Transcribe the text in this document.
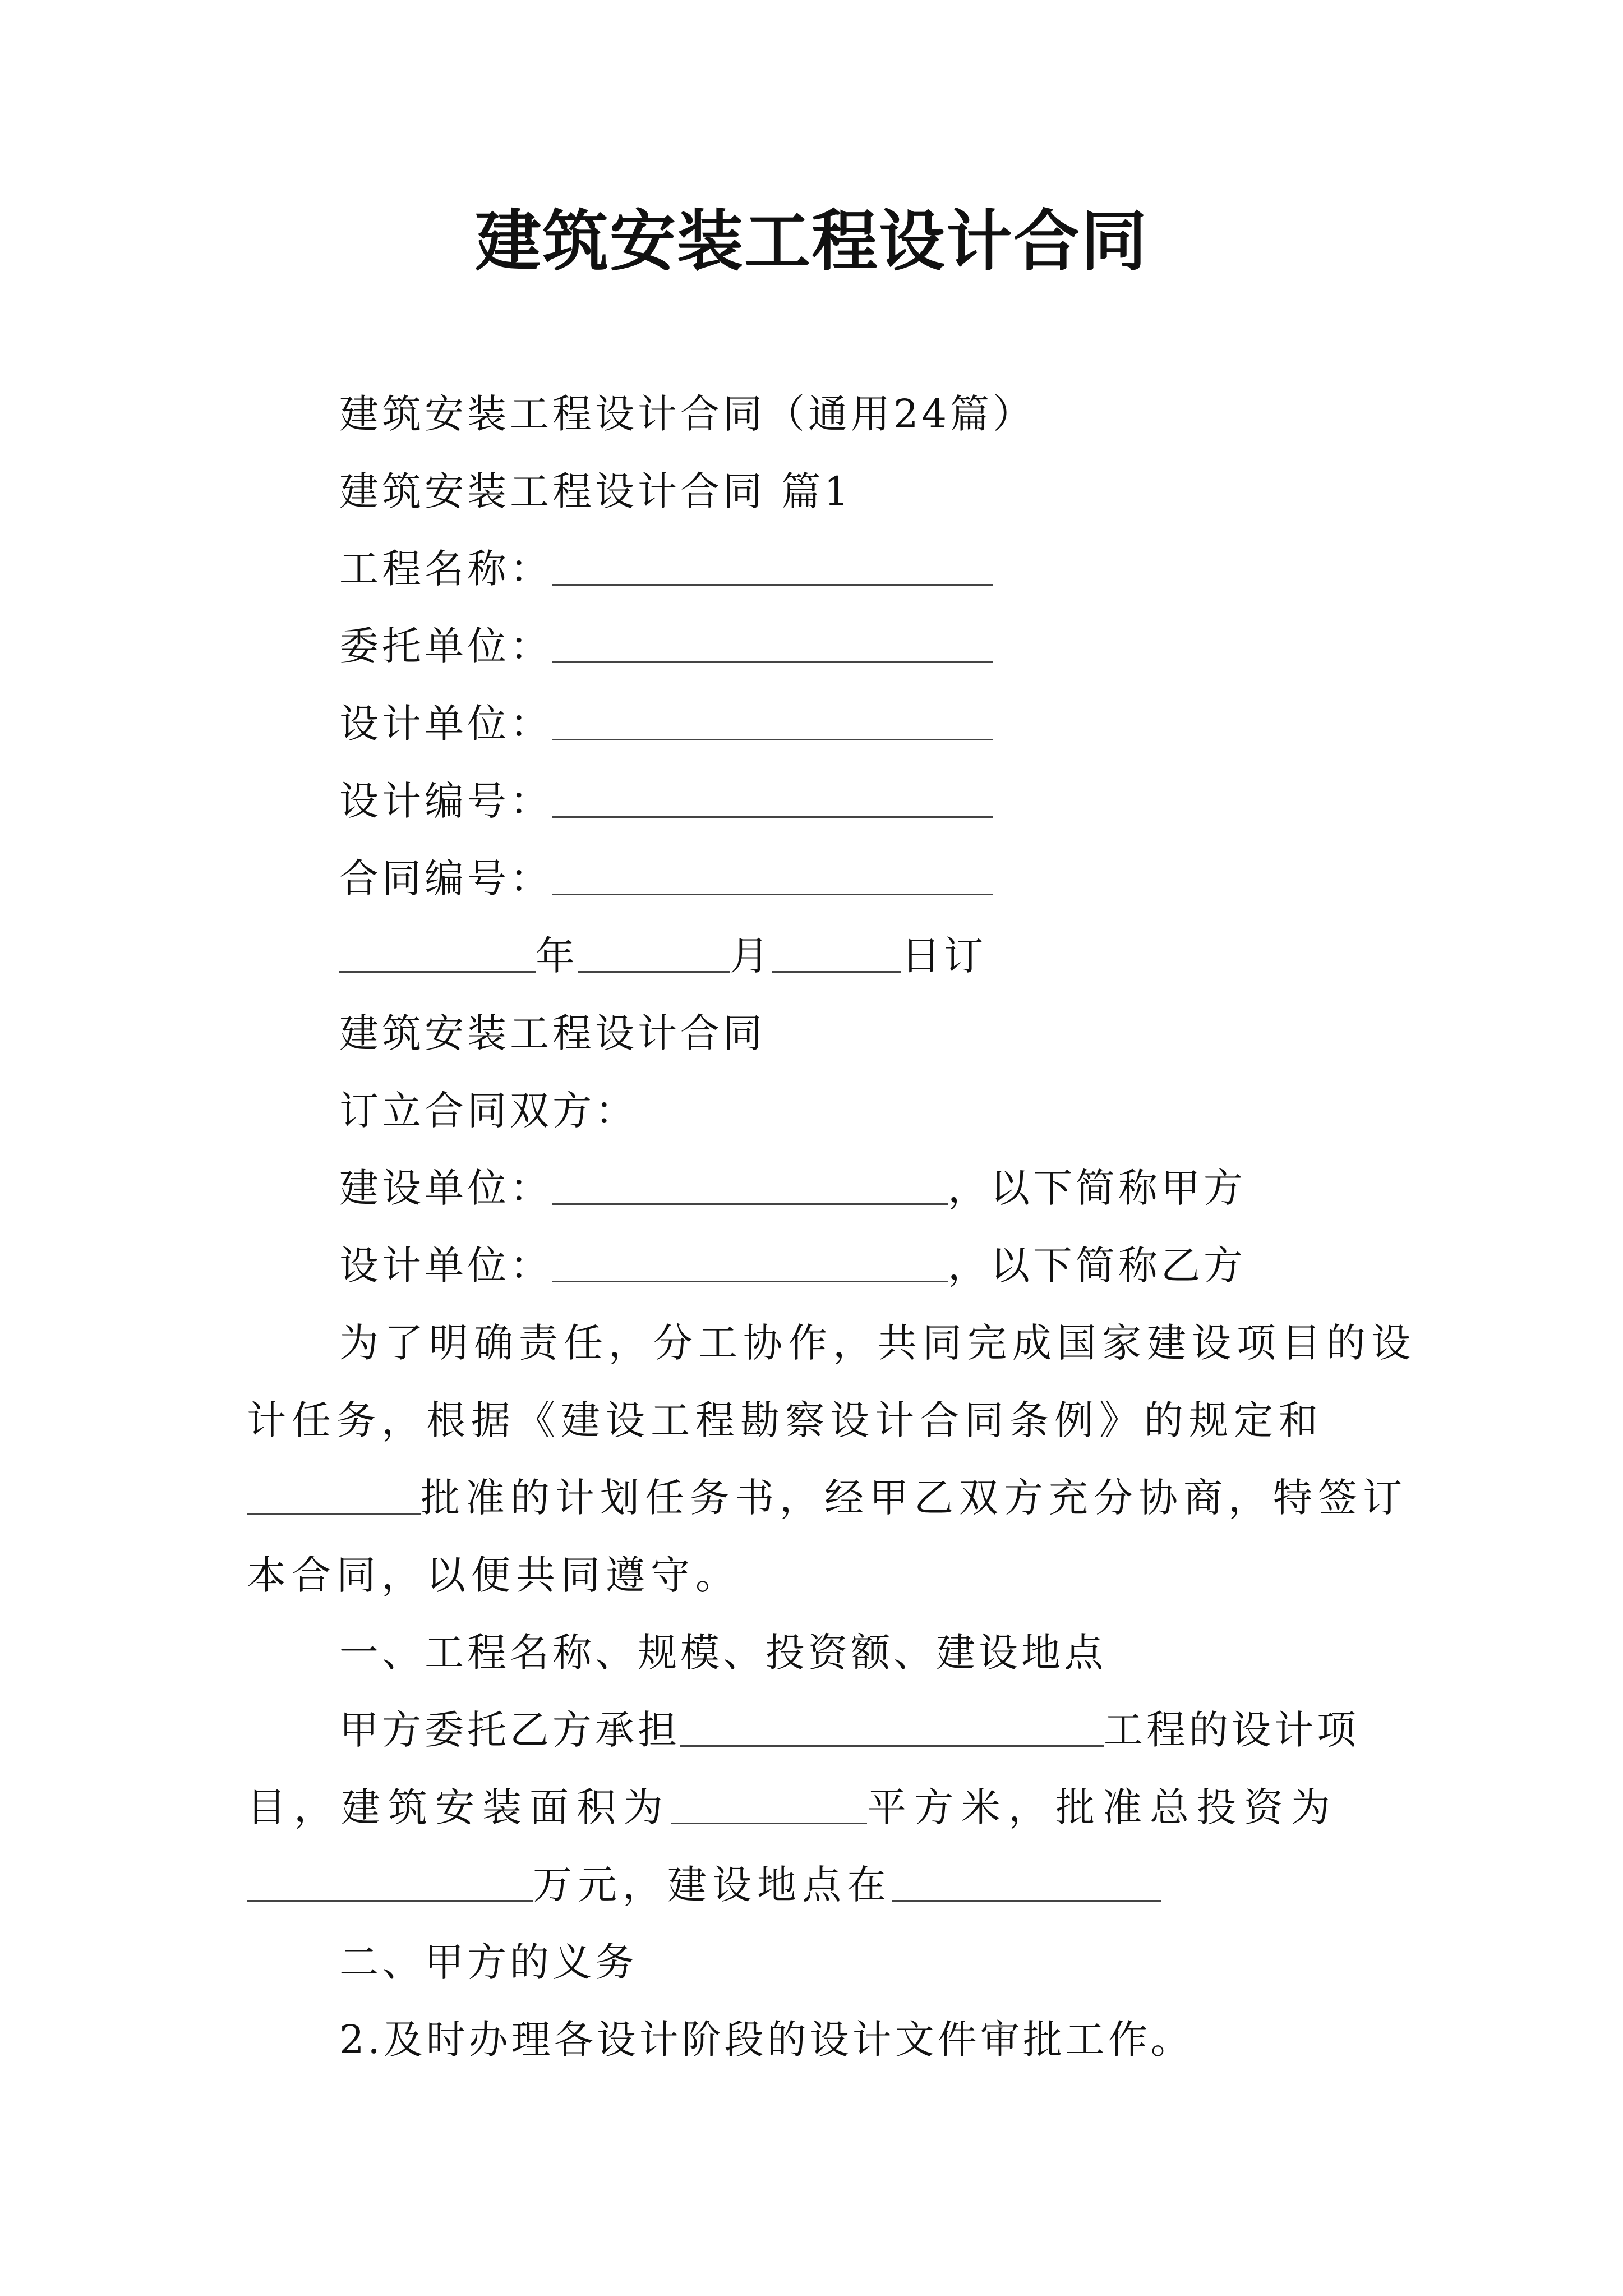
建筑安装工程设计合同
建筑安装工程设计合同（通用24篇）
建筑安装工程设计合同 篇1
工程名称：
委托单位：
设计单位：
设计编号：
合同编号：
年	月	日订
建筑安装工程设计合同
订立合同双方：
建设单位：	，以下简称甲方
设计单位：	，以下简称乙方
为了明确责任，分工协作，共同完成国家建设项目的设
计任务，根据《建设工程勘察设计合同条例》的规定和
批准的计划任务书，经甲乙双方充分协商，特签订
本合同，以便共同遵守。
一、工程名称、规模、投资额、建设地点
甲方委托乙方承担	工程的设计项
目，建筑安装面积为	平方米，批准总投资为
万元，建设地点在
二、甲方的义务
2.及时办理各设计阶段的设计文件审批工作。
